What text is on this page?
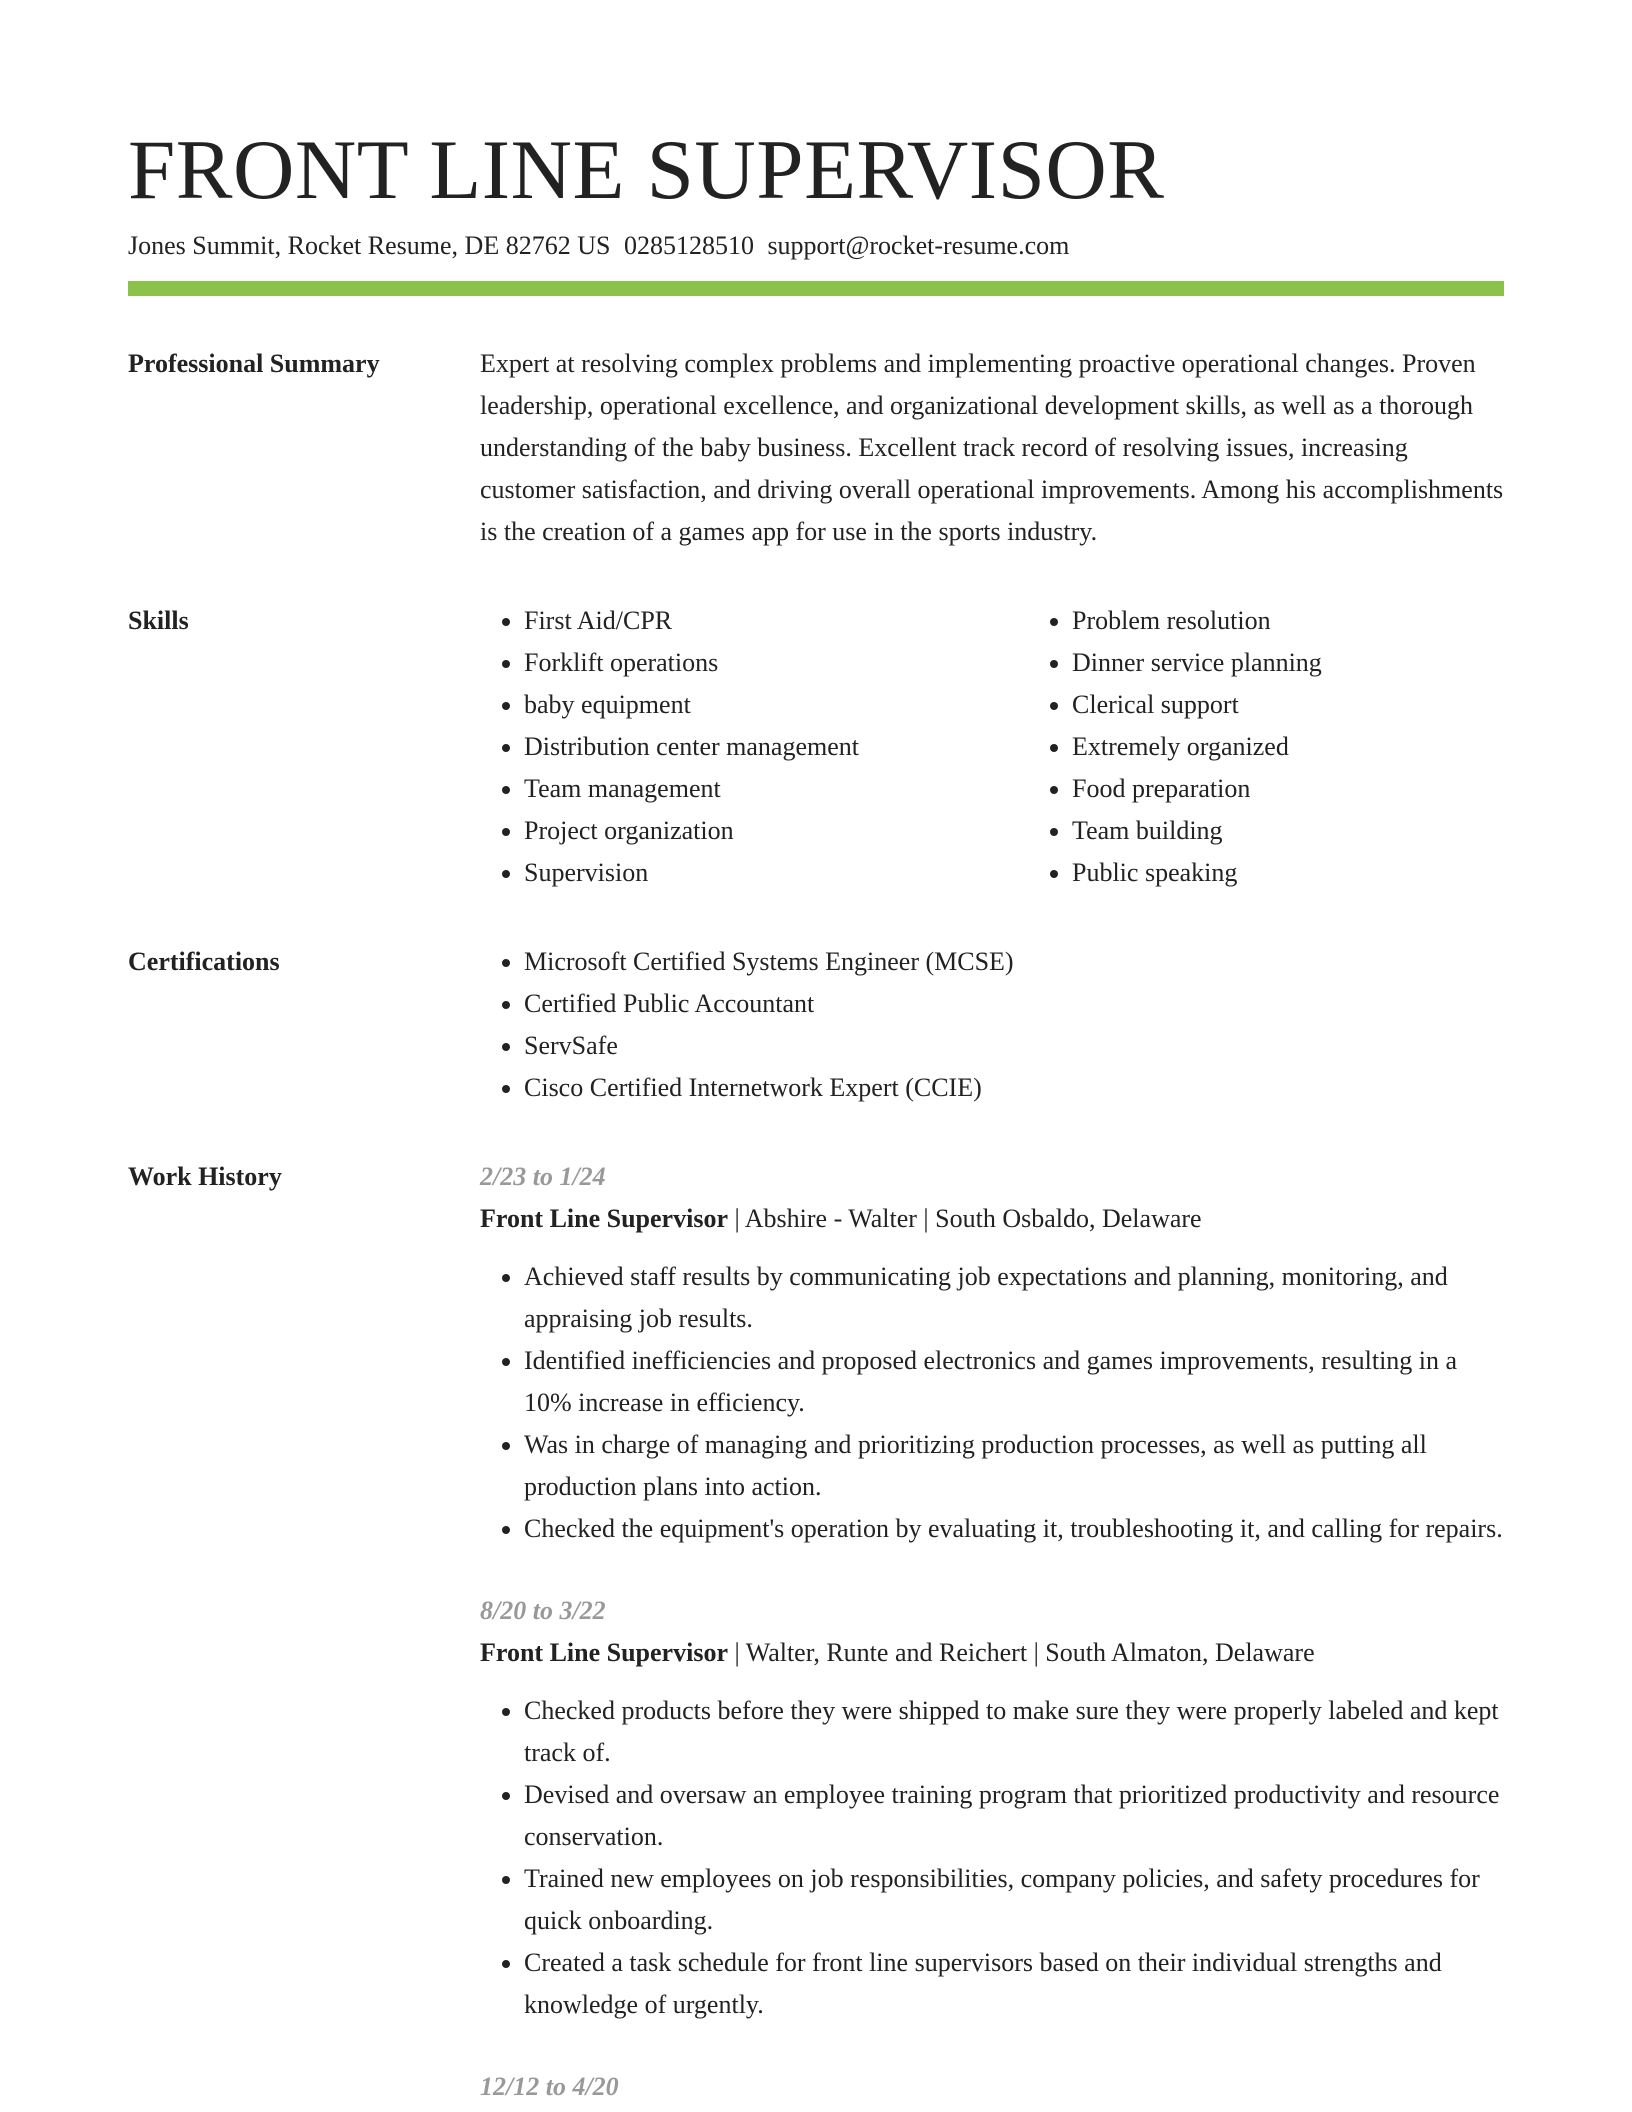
FRONT LINE SUPERVISOR
Jones Summit, Rocket Resume, DE 82762 US 0285128510 support@rocket-resume.com
Professional Summary	Expert at resolving complex problems and implementing proactive operational changes. Proven leadership, operational excellence, and organizational development skills, as well as a thorough understanding of the baby business. Excellent track record of resolving issues, increasing customer satisfaction, and driving overall operational improvements. Among his accomplishments is the creation of a games app for use in the sports industry.

Skills	• First Aid/CPR
• Forklift operations
• baby equipment
• Distribution center management
• Team management
• Project organization
• Supervision
• Problem resolution
• Dinner service planning
• Clerical support
• Extremely organized
• Food preparation
• Team building
• Public speaking
Certifications	• Microsoft Certified Systems Engineer (MCSE)
• Certified Public Accountant
• ServSafe
• Cisco Certified Internetwork Expert (CCIE)
Work History	2/23 to 1/24
Front Line Supervisor | Abshire - Walter | South Osbaldo, Delaware
• Achieved staff results by communicating job expectations and planning, monitoring, and appraising job results.
• Identified inefficiencies and proposed electronics and games improvements, resulting in a 10% increase in efficiency.
• Was in charge of managing and prioritizing production processes, as well as putting all production plans into action.
• Checked the equipment's operation by evaluating it, troubleshooting it, and calling for repairs.
8/20 to 3/22
Front Line Supervisor | Walter, Runte and Reichert | South Almaton, Delaware
• Checked products before they were shipped to make sure they were properly labeled and kept track of.
• Devised and oversaw an employee training program that prioritized productivity and resource conservation.
• Trained new employees on job responsibilities, company policies, and safety procedures for quick onboarding.
• Created a task schedule for front line supervisors based on their individual strengths and knowledge of urgently.
12/12 to 4/20
